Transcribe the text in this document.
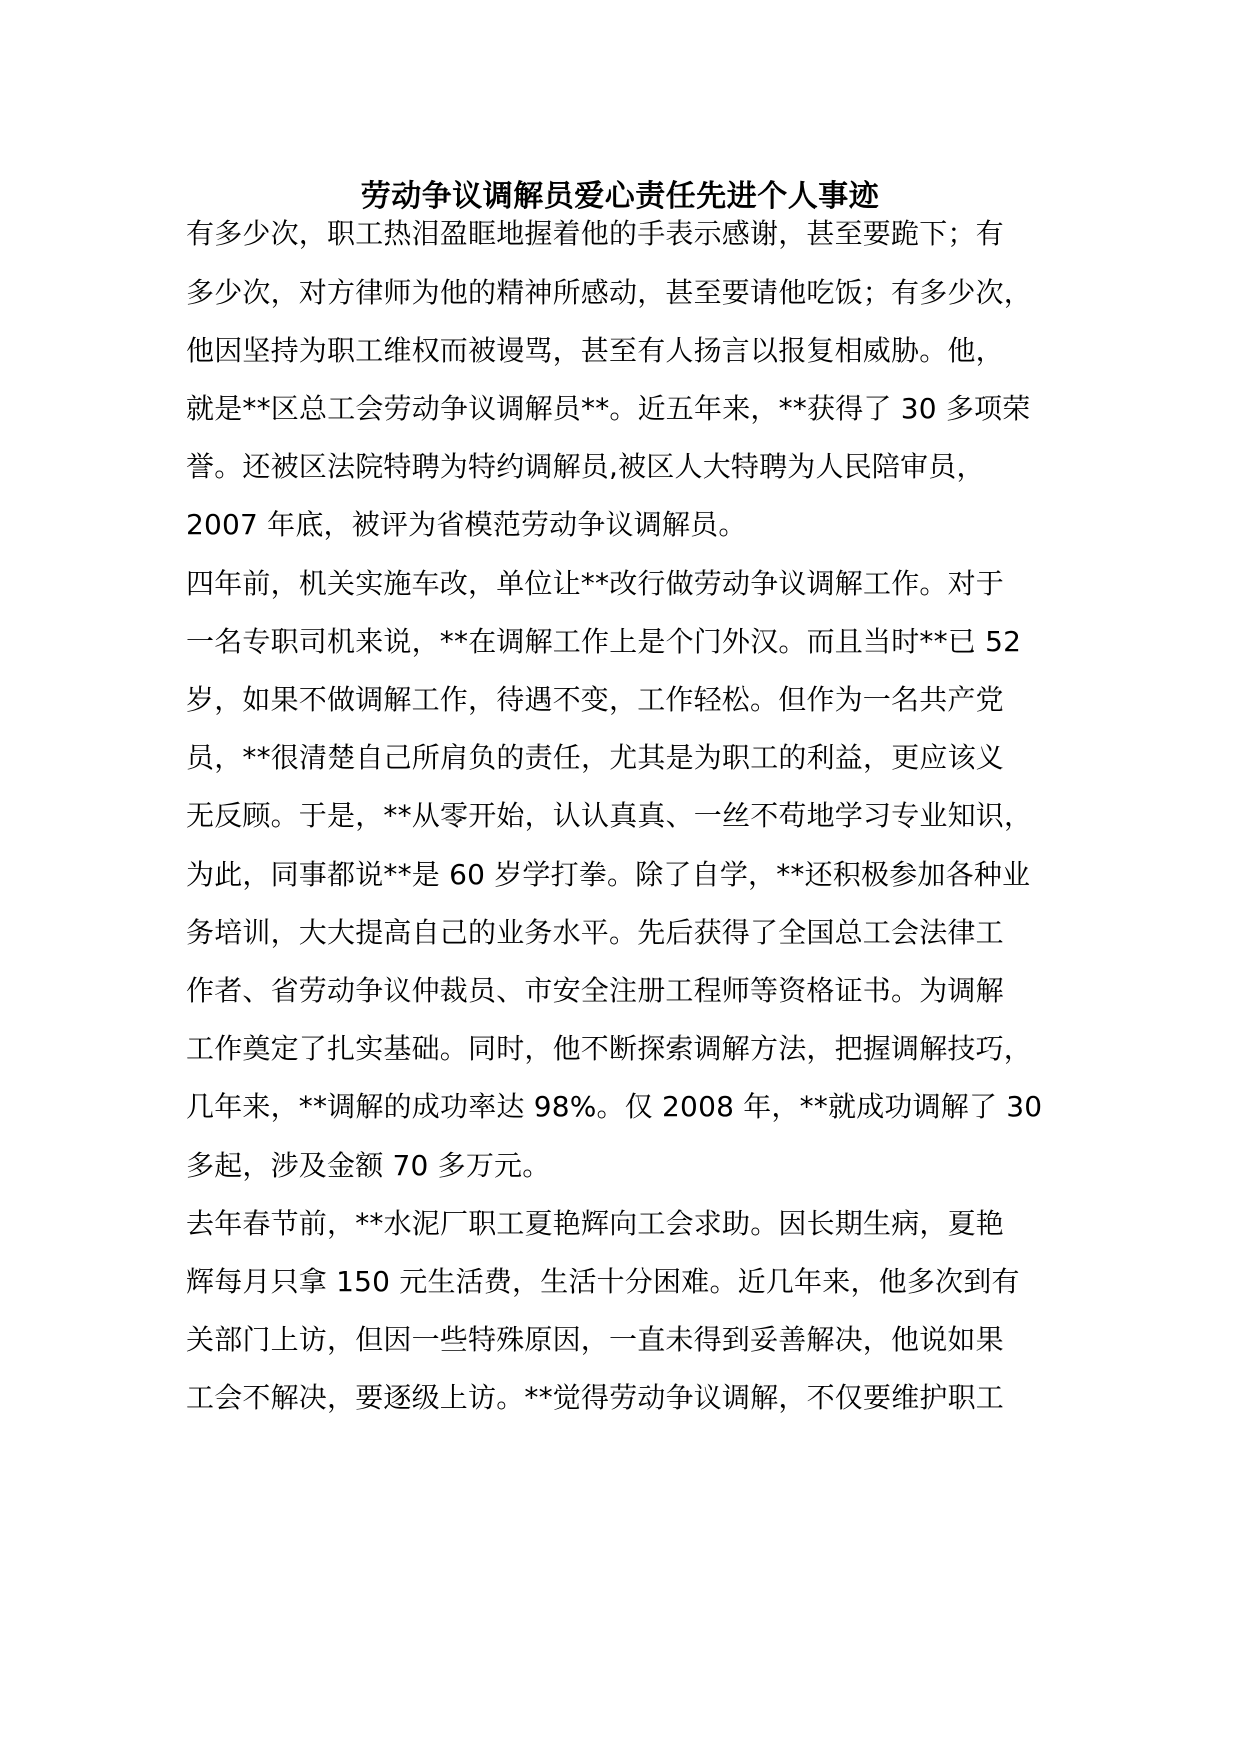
劳动争议调解员爱心责任先进个人事迹
有多少次，职工热泪盈眶地握着他的手表示感谢，甚至要跪下；有
多少次，对方律师为他的精神所感动，甚至要请他吃饭；有多少次，
他因坚持为职工维权而被谩骂，甚至有人扬言以报复相威胁。他，
就是**区总工会劳动争议调解员**。近五年来，**获得了 30 多项荣
誉。还被区法院特聘为特约调解员,被区人大特聘为人民陪审员，
2007 年底，被评为省模范劳动争议调解员。
四年前，机关实施车改，单位让**改行做劳动争议调解工作。对于
一名专职司机来说，**在调解工作上是个门外汉。而且当时**已 52
岁，如果不做调解工作，待遇不变，工作轻松。但作为一名共产党
员，**很清楚自己所肩负的责任，尤其是为职工的利益，更应该义
无反顾。于是，**从零开始，认认真真、一丝不苟地学习专业知识，
为此，同事都说**是 60 岁学打拳。除了自学，**还积极参加各种业
务培训，大大提高自己的业务水平。先后获得了全国总工会法律工
作者、省劳动争议仲裁员、市安全注册工程师等资格证书。为调解
工作奠定了扎实基础。同时，他不断探索调解方法，把握调解技巧，
几年来，**调解的成功率达 98%。仅 2008 年，**就成功调解了 30
多起，涉及金额 70 多万元。
去年春节前，**水泥厂职工夏艳辉向工会求助。因长期生病，夏艳
辉每月只拿 150 元生活费，生活十分困难。近几年来，他多次到有
关部门上访，但因一些特殊原因，一直未得到妥善解决，他说如果
工会不解决，要逐级上访。**觉得劳动争议调解，不仅要维护职工
